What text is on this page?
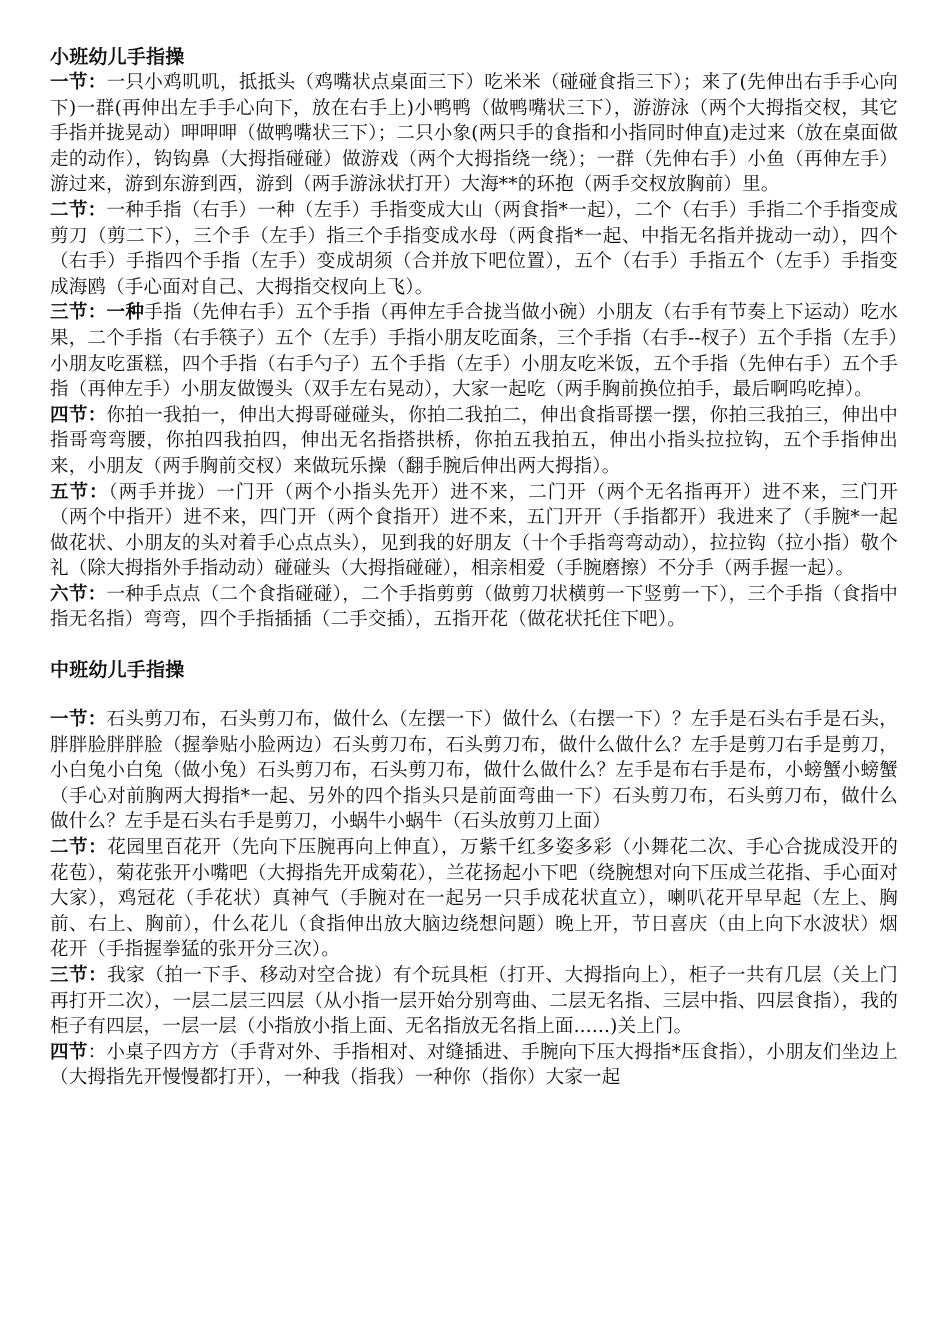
小班幼儿手指操

一节：一只小鸡叽叽，抵抵头（鸡嘴状点桌面三下）吃米米（碰碰食指三下）；来了(先伸出右手手心向下)一群(再伸出左手手心向下，放在右手上)小鸭鸭（做鸭嘴状三下），游游泳（两个大拇指交杈，其它手指并拢晃动）呷呷呷（做鸭嘴状三下）；二只小象(两只手的食指和小指同时伸直)走过来（放在桌面做走的动作），钩钩鼻（大拇指碰碰）做游戏（两个大拇指绕一绕）；一群（先伸右手）小鱼（再伸左手）游过来，游到东游到西，游到（两手游泳状打开）大海**的环抱（两手交杈放胸前）里。

二节：一种手指（右手）一种（左手）手指变成大山（两食指*一起），二个（右手）手指二个手指变成剪刀（剪二下），三个手（左手）指三个手指变成水母（两食指*一起、中指无名指并拢动一动），四个（右手）手指四个手指（左手）变成胡须（合并放下吧位置），五个（右手）手指五个（左手）手指变成海鸥（手心面对自己、大拇指交杈向上飞）。

三节：一种手指（先伸右手）五个手指（再伸左手合拢当做小碗）小朋友（右手有节奏上下运动）吃水果，二个手指（右手筷子）五个（左手）手指小朋友吃面条，三个手指（右手--杈子）五个手指（左手）小朋友吃蛋糕，四个手指（右手勺子）五个手指（左手）小朋友吃米饭，五个手指（先伸右手）五个手指（再伸左手）小朋友做馒头（双手左右晃动），大家一起吃（两手胸前换位拍手，最后啊呜吃掉）。

四节：你拍一我拍一，伸出大拇哥碰碰头，你拍二我拍二，伸出食指哥摆一摆，你拍三我拍三，伸出中指哥弯弯腰，你拍四我拍四，伸出无名指搭拱桥，你拍五我拍五，伸出小指头拉拉钩，五个手指伸出来，小朋友（两手胸前交杈）来做玩乐操（翻手腕后伸出两大拇指）。

五节：（两手并拢）一门开（两个小指头先开）进不来，二门开（两个无名指再开）进不来，三门开（两个中指开）进不来，四门开（两个食指开）进不来，五门开开（手指都开）我进来了（手腕*一起做花状、小朋友的头对着手心点点头），见到我的好朋友（十个手指弯弯动动），拉拉钩（拉小指）敬个礼（除大拇指外手指动动）碰碰头（大拇指碰碰），相亲相爱（手腕磨擦）不分手（两手握一起）。

六节：一种手点点（二个食指碰碰），二个手指剪剪（做剪刀状横剪一下竖剪一下），三个手指（食指中指无名指）弯弯，四个手指插插（二手交插），五指开花（做花状托住下吧）。

中班幼儿手指操

一节：石头剪刀布，石头剪刀布，做什么（左摆一下）做什么（右摆一下）？左手是石头右手是石头，胖胖脸胖胖脸（握拳贴小脸两边）石头剪刀布，石头剪刀布，做什么做什么？左手是剪刀右手是剪刀，小白兔小白兔（做小兔）石头剪刀布，石头剪刀布，做什么做什么？左手是布右手是布，小螃蟹小螃蟹（手心对前胸两大拇指*一起、另外的四个指头只是前面弯曲一下）石头剪刀布，石头剪刀布，做什么做什么？左手是石头右手是剪刀，小蜗牛小蜗牛（石头放剪刀上面）

二节：花园里百花开（先向下压腕再向上伸直），万紫千红多姿多彩（小舞花二次、手心合拢成没开的花苞），菊花张开小嘴吧（大拇指先开成菊花），兰花扬起小下吧（绕腕想对向下压成兰花指、手心面对大家），鸡冠花（手花状）真神气（手腕对在一起另一只手成花状直立），喇叭花开早早起（左上、胸前、右上、胸前），什么花儿（食指伸出放大脑边绕想问题）晚上开，节日喜庆（由上向下水波状）烟花开（手指握拳猛的张开分三次）。

三节：我家（拍一下手、移动对空合拢）有个玩具柜（打开、大拇指向上），柜子一共有几层（关上门再打开二次），一层二层三四层（从小指一层开始分别弯曲、二层无名指、三层中指、四层食指），我的柜子有四层，一层一层（小指放小指上面、无名指放无名指上面......)关上门。

四节：小桌子四方方（手背对外、手指相对、对缝插进、手腕向下压大拇指*压食指），小朋友们坐边上（大拇指先开慢慢都打开），一种我（指我）一种你（指你）大家一起
